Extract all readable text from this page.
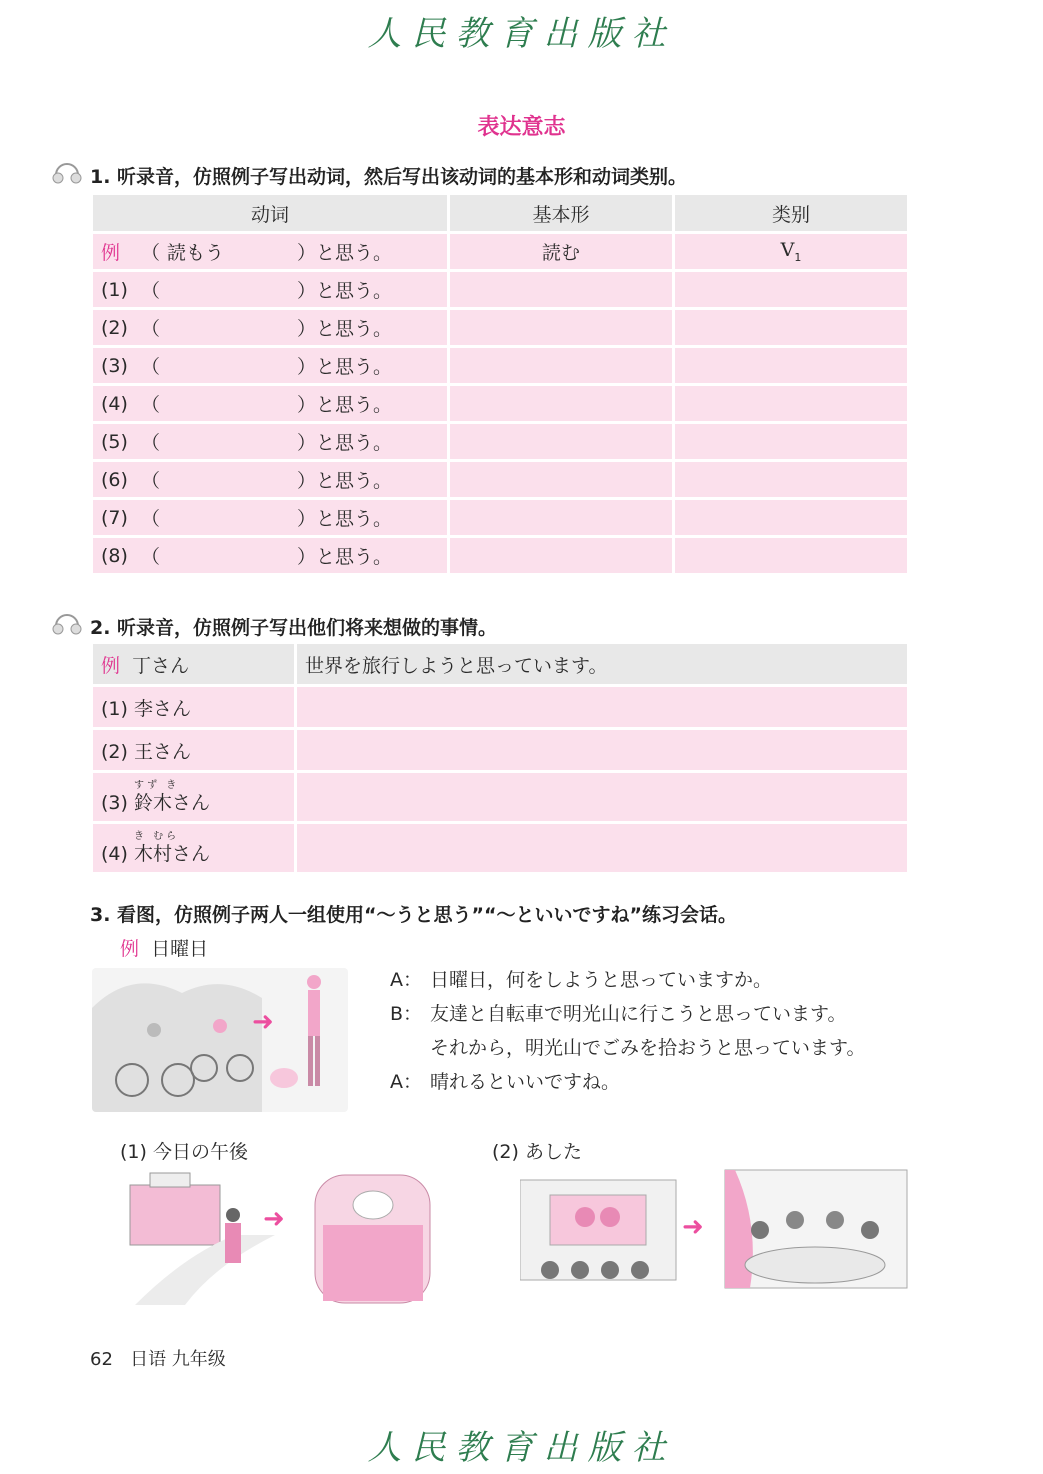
人民教育出版社
表达意志
1. 听录音，仿照例子写出动词，然后写出该动词的基本形和动词类别。
动词	基本形	类别

例 （ 読もう ）と思う。	読む	$V_1$

(1) （ ）と思う。		

(2) （ ）と思う。		

(3) （ ）と思う。		

(4) （ ）と思う。		

(5) （ ）と思う。		

(6) （ ）と思う。		

(7) （ ）と思う。		

(8) （ ）と思う。		

2. 听录音，仿照例子写出他们将来想做的事情。
例 丁さん	世界を旅行しようと思っています。
(1) 李さん	
(2) 王さん	
(3)
すず き
鈴木さん	
(4)
き むら
木村さん	
3. 看图，仿照例子两人一组使用“～うと思う”“～といいですね”练习会话。
例 日曜日
➜
A： 日曜日，何をしようと思っていますか。
B： 友達と自転車で明光山に行こうと思っています。
それから，明光山でごみを拾おうと思っています。
A： 晴れるといいですね。
(1) 今日の午後	(2) あした
➜	➜
62 日语 九年级
人民教育出版社
